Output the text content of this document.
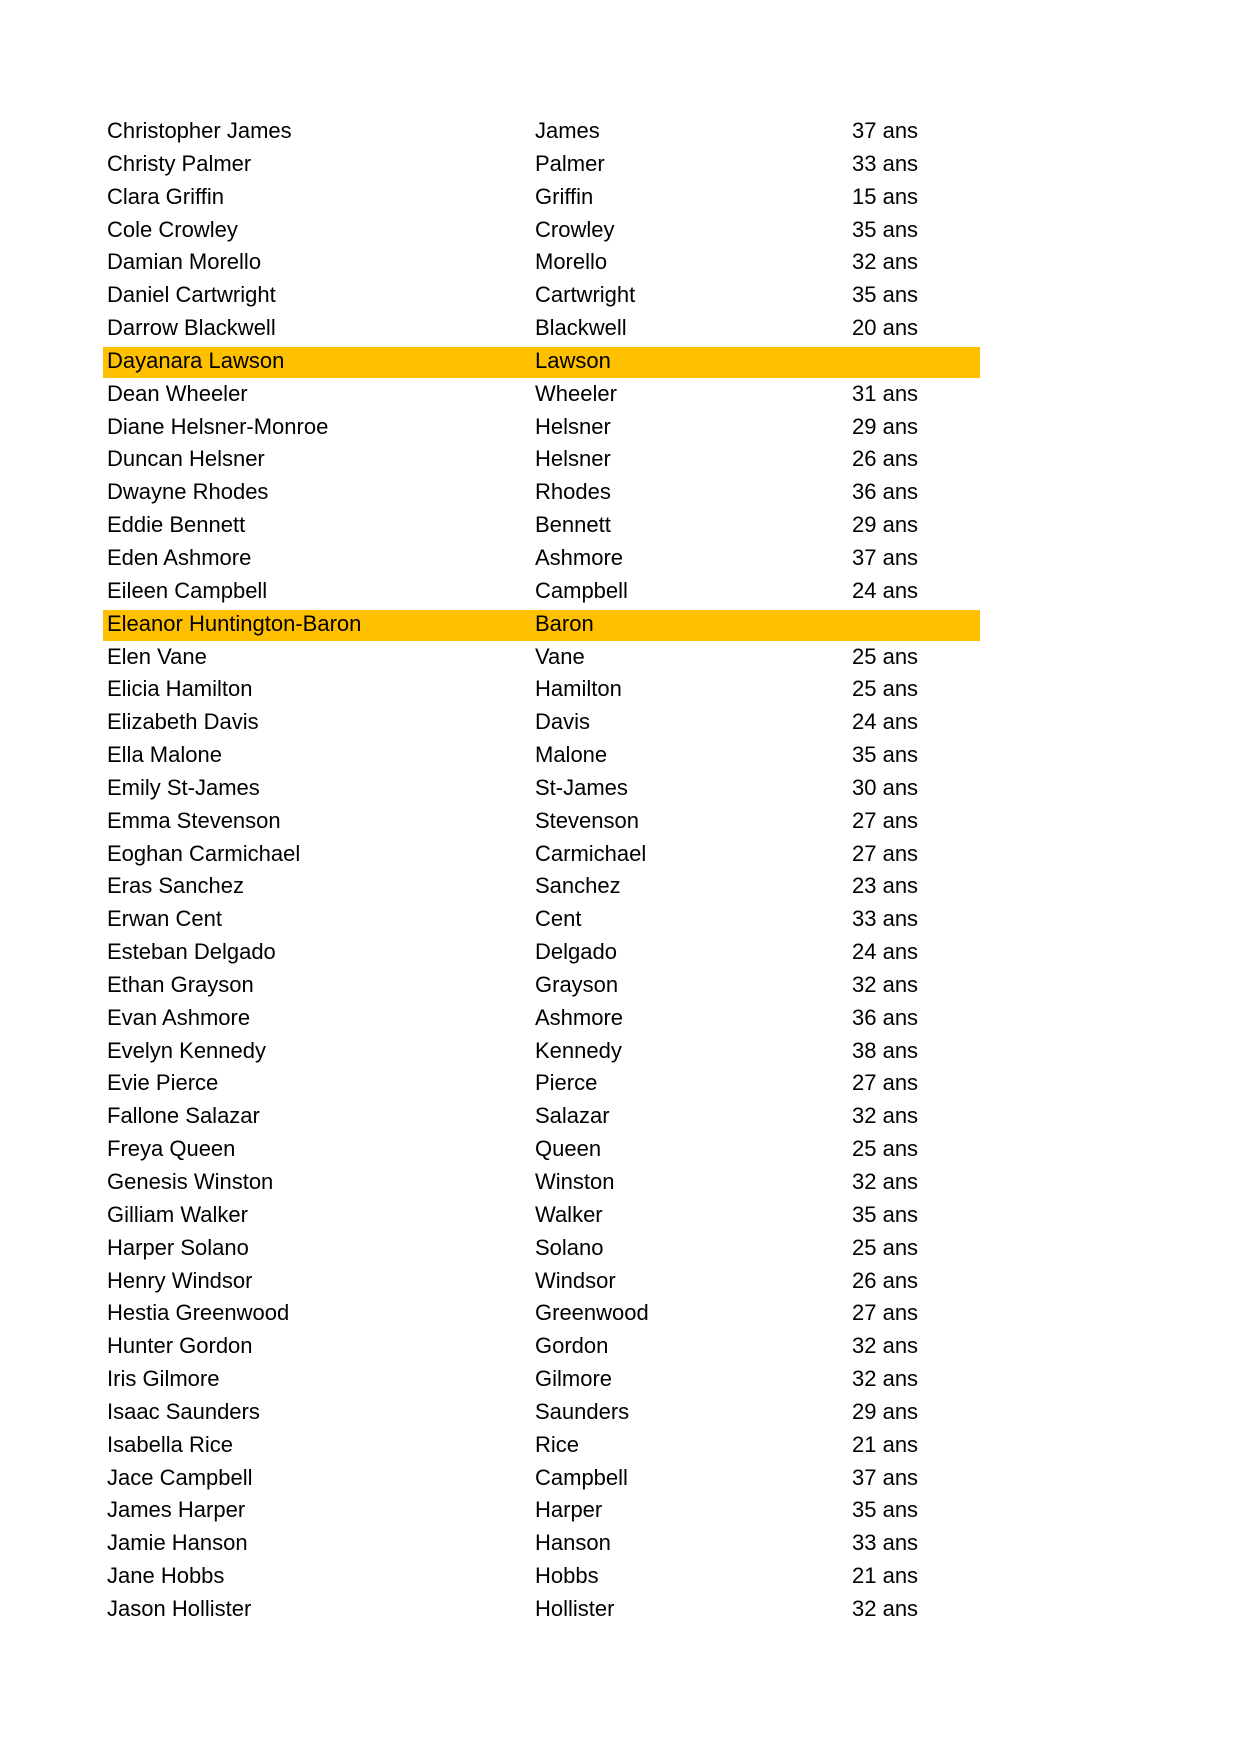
Christopher James	James	37 ans
Christy Palmer	Palmer	33 ans
Clara Griffin	Griffin	15 ans
Cole Crowley	Crowley	35 ans
Damian Morello	Morello	32 ans
Daniel Cartwright	Cartwright	35 ans
Darrow Blackwell	Blackwell	20 ans
Dayanara Lawson	Lawson
Dean Wheeler	Wheeler	31 ans
Diane Helsner-Monroe	Helsner	29 ans
Duncan Helsner	Helsner	26 ans
Dwayne Rhodes	Rhodes	36 ans
Eddie Bennett	Bennett	29 ans
Eden Ashmore	Ashmore	37 ans
Eileen Campbell	Campbell	24 ans
Eleanor Huntington-Baron	Baron
Elen Vane	Vane	25 ans
Elicia Hamilton	Hamilton	25 ans
Elizabeth Davis	Davis	24 ans
Ella Malone	Malone	35 ans
Emily St-James	St-James	30 ans
Emma Stevenson	Stevenson	27 ans
Eoghan Carmichael	Carmichael	27 ans
Eras Sanchez	Sanchez	23 ans
Erwan Cent	Cent	33 ans
Esteban Delgado	Delgado	24 ans
Ethan Grayson	Grayson	32 ans
Evan Ashmore	Ashmore	36 ans
Evelyn Kennedy	Kennedy	38 ans
Evie Pierce	Pierce	27 ans
Fallone Salazar	Salazar	32 ans
Freya Queen	Queen	25 ans
Genesis Winston	Winston	32 ans
Gilliam Walker	Walker	35 ans
Harper Solano	Solano	25 ans
Henry Windsor	Windsor	26 ans
Hestia Greenwood	Greenwood	27 ans
Hunter Gordon	Gordon	32 ans
Iris Gilmore	Gilmore	32 ans
Isaac Saunders	Saunders	29 ans
Isabella Rice	Rice	21 ans
Jace Campbell	Campbell	37 ans
James Harper	Harper	35 ans
Jamie Hanson	Hanson	33 ans
Jane Hobbs	Hobbs	21 ans
Jason Hollister	Hollister	32 ans
